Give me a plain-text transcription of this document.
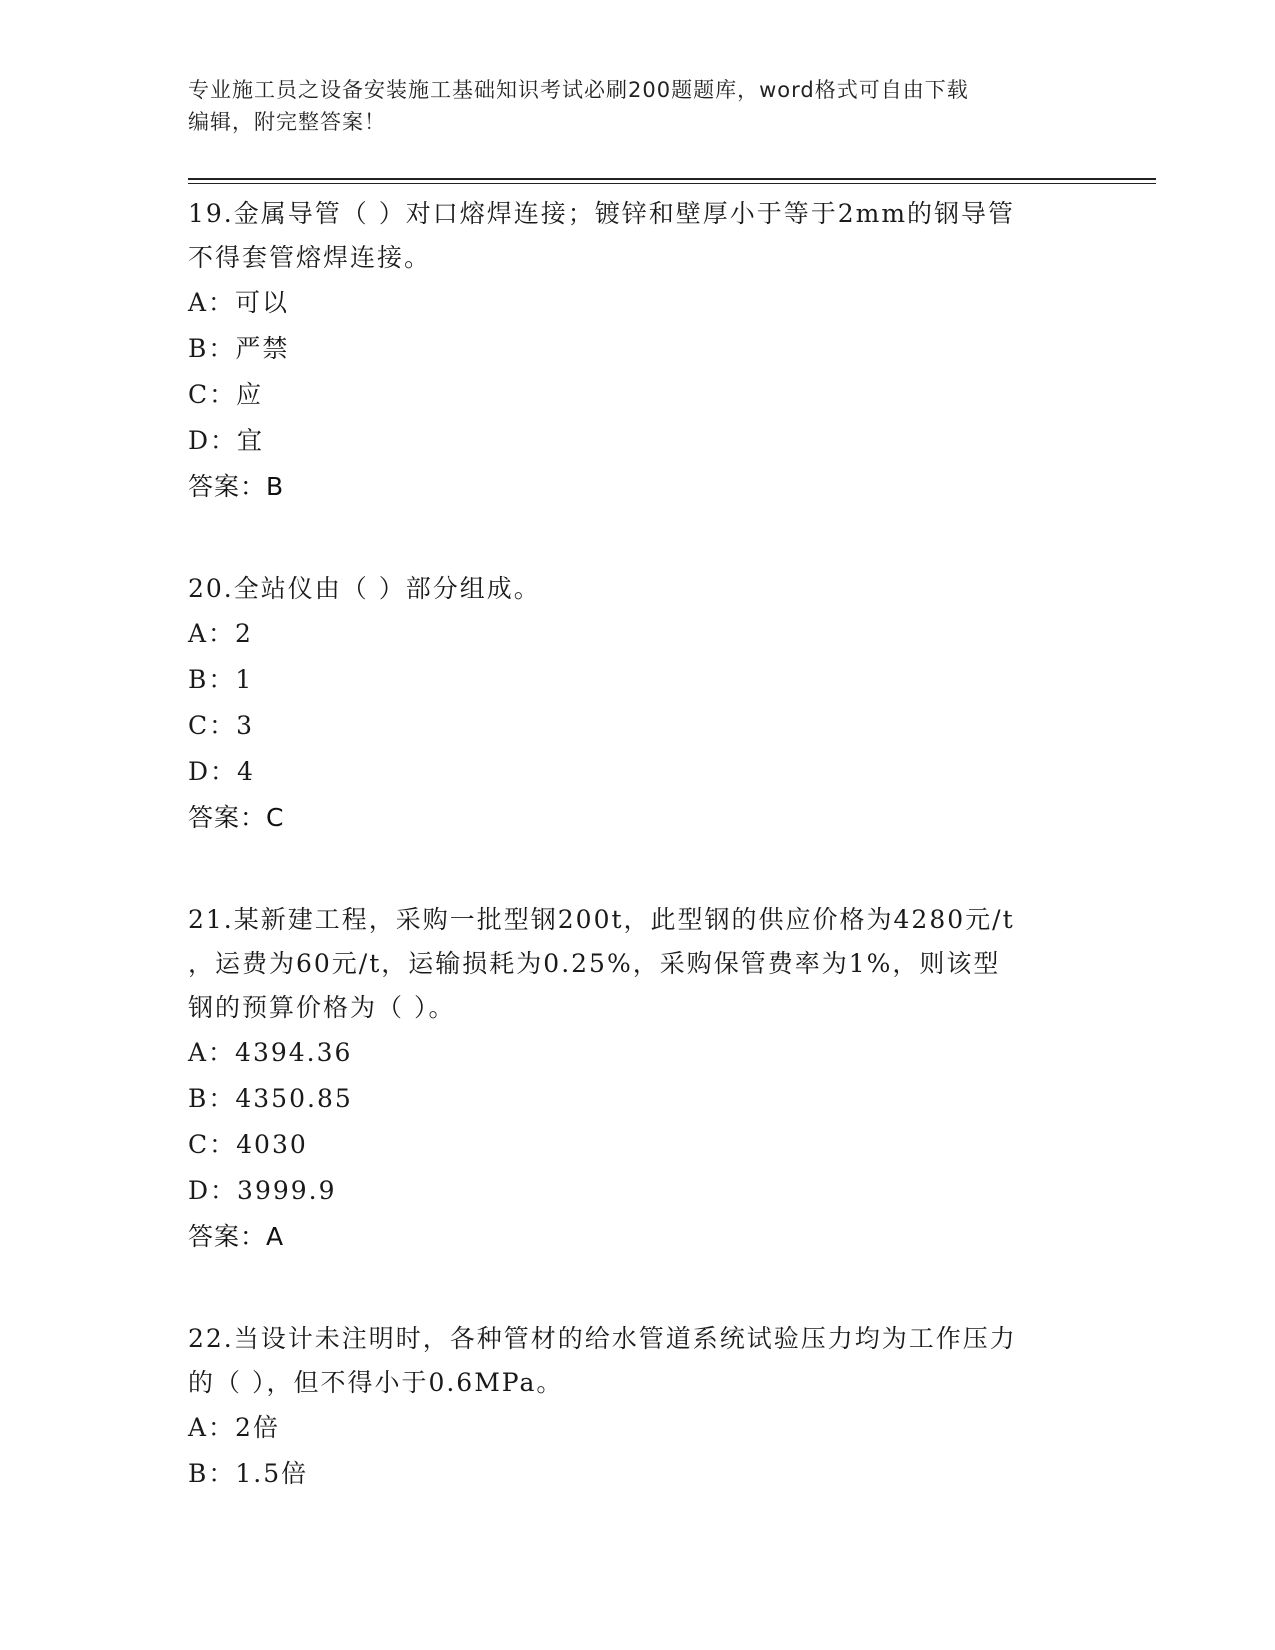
专业施工员之设备安装施工基础知识考试必刷200题题库，word格式可自由下载
编辑，附完整答案！

19.金属导管（ ）对口熔焊连接；镀锌和壁厚小于等于2mm的钢导管

不得套管熔焊连接。

A：可以

B：严禁

C：应

D：宜

答案：B

20.全站仪由（ ）部分组成。

A：2

B：1

C：3

D：4

答案：C

21.某新建工程，采购一批型钢200t，此型钢的供应价格为4280元/t

，运费为60元/t，运输损耗为0.25%，采购保管费率为1%，则该型

钢的预算价格为（ ）。

A：4394.36

B：4350.85

C：4030

D：3999.9

答案：A

22.当设计未注明时，各种管材的给水管道系统试验压力均为工作压力

的（ ），但不得小于0.6MPa。

A：2倍

B：1.5倍
